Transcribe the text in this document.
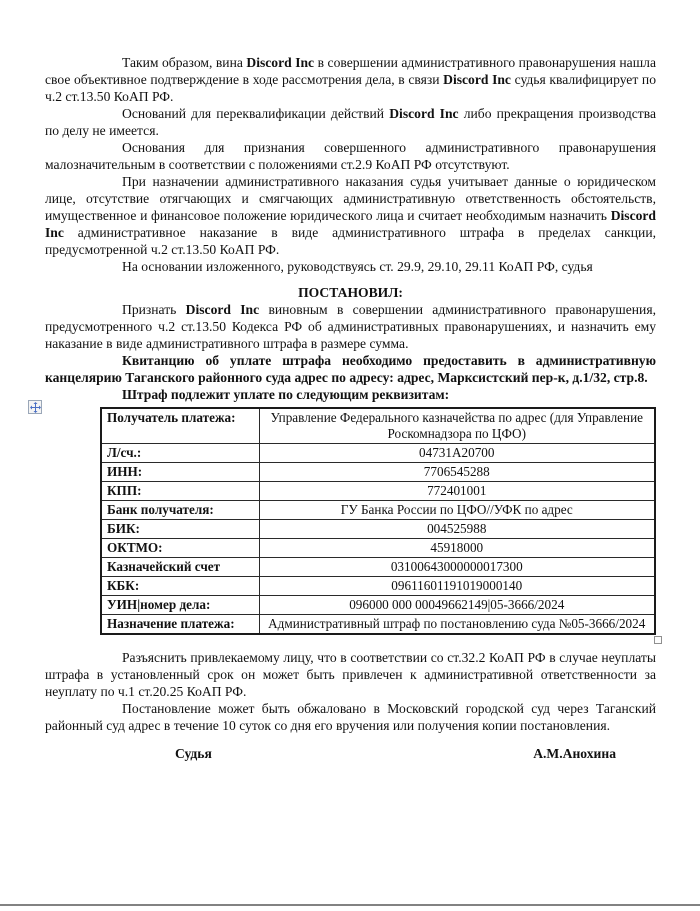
Таким образом, вина Discord Inc в совершении административного правонарушения нашла свое объективное подтверждение в ходе рассмотрения дела, в связи Discord Inc судья квалифицирует по ч.2 ст.13.50 КоАП РФ.

Оснований для переквалификации действий Discord Inc либо прекращения производства по делу не имеется.

Основания для признания совершенного административного правонарушения малозначительным в соответствии с положениями ст.2.9 КоАП РФ отсутствуют.

При назначении административного наказания судья учитывает данные о юридическом лице, отсутствие отягчающих и смягчающих административную ответственность обстоятельств, имущественное и финансовое положение юридического лица и считает необходимым назначить Discord Inc административное наказание в виде административного штрафа в пределах санкции, предусмотренной ч.2 ст.13.50 КоАП РФ.

На основании изложенного, руководствуясь ст. 29.9, 29.10, 29.11 КоАП РФ, судья

ПОСТАНОВИЛ:

Признать Discord Inc виновным в совершении административного правонарушения, предусмотренного ч.2 ст.13.50 Кодекса РФ об административных правонарушениях, и назначить ему наказание в виде административного штрафа в размере сумма.

Квитанцию об уплате штрафа необходимо предоставить в административную канцелярию Таганского районного суда адрес по адресу: адрес, Марксистский пер-к, д.1/32, стр.8.

Штраф подлежит уплате по следующим реквизитам:

Получатель платежа:	Управление Федерального казначейства по адрес (для Управление Роскомнадзора по ЦФО)
Л/сч.:	04731А20700
ИНН:	7706545288
КПП:	772401001
Банк получателя:	ГУ Банка России по ЦФО//УФК по адрес
БИК:	004525988
ОКТМО:	45918000
Казначейский счет	03100643000000017300
КБК:	09611601191019000140
УИН|номер дела:	096000 000 00049662149|05-3666/2024
Назначение платежа:	Административный штраф по постановлению суда №05-3666/2024

Разъяснить привлекаемому лицу, что в соответствии со ст.32.2 КоАП РФ в случае неуплаты штрафа в установленный срок он может быть привлечен к административной ответственности за неуплату по ч.1 ст.20.25 КоАП РФ.

Постановление может быть обжаловано в Московский городской суд через Таганский районный суд адрес в течение 10 суток со дня его вручения или получения копии постановления.

Судья	А.М.Анохина
